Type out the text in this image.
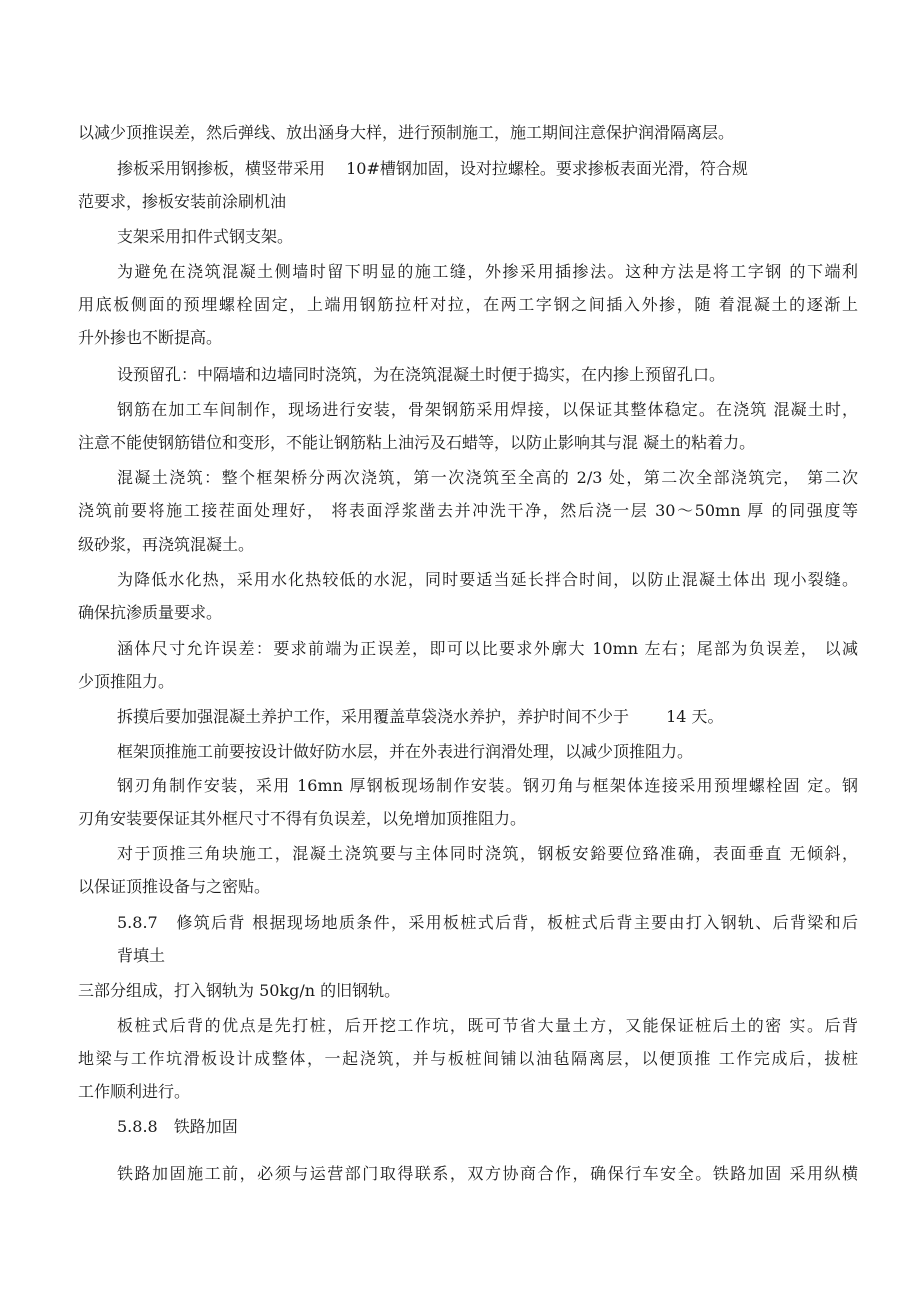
以减少顶推误差，然后弹线、放出涵身大样，进行预制施工，施工期间注意保护润滑隔离层。
掺板采用钢掺板，横竖带采用　 10#槽钢加固，设对拉螺栓。要求掺板表面光滑，符合规
范要求，掺板安装前涂刷机油
支架采用扣件式钢支架。
为避免在浇筑混凝土侧墙时留下明显的施工缝，外掺采用插掺法。这种方法是将工字钢 的下端利
用底板侧面的预埋螺栓固定，上端用钢筋拉杆对拉，在两工字钢之间插入外掺，随 着混凝土的逐渐上
升外掺也不断提高。
设预留孔：中隔墙和边墙同时浇筑，为在浇筑混凝土时便于捣实，在内掺上预留孔口。
钢筋在加工车间制作，现场进行安装，骨架钢筋采用焊接，以保证其整体稳定。在浇筑 混凝土时，
注意不能使钢筋错位和变形，不能让钢筋粘上油污及石蜡等，以防止影响其与混 凝土的粘着力。
混凝土浇筑：整个框架桥分两次浇筑，第一次浇筑至全高的 2/3 处，第二次全部浇筑完， 第二次
浇筑前要将施工接茬面处理好， 将表面浮浆凿去并冲洗干净，然后浇一层 30～50mn 厚 的同强度等
级砂浆，再浇筑混凝土。
为降低水化热，采用水化热较低的水泥，同时要适当延长拌合时间，以防止混凝土体出 现小裂缝。
确保抗渗质量要求。
涵体尺寸允许误差：要求前端为正误差，即可以比要求外廓大 10mn 左右；尾部为负误差， 以减
少顶推阻力。
拆摸后要加强混凝土养护工作，采用覆盖草袋浇水养护，养护时间不少于　　 14 天。
框架顶推施工前要按设计做好防水层，并在外表进行润滑处理，以减少顶推阻力。
钢刃角制作安装，采用 16mn 厚钢板现场制作安装。钢刃角与框架体连接采用预埋螺栓固 定。钢
刃角安装要保证其外框尺寸不得有负误差，以免增加顶推阻力。
对于顶推三角块施工，混凝土浇筑要与主体同时浇筑，钢板安鋊要位臵准确，表面垂直 无倾斜，
以保证顶推设备与之密贴。
5.8.7　修筑后背 根据现场地质条件，采用板桩式后背，板桩式后背主要由打入钢轨、后背梁和后
背填土
三部分组成，打入钢轨为 50kg/n 的旧钢轨。
板桩式后背的优点是先打桩，后开挖工作坑，既可节省大量土方，又能保证桩后土的密 实。后背
地梁与工作坑滑板设计成整体，一起浇筑，并与板桩间铺以油毡隔离层，以便顶推 工作完成后，拔桩
工作顺利进行。
5.8.8　铁路加固
铁路加固施工前，必须与运营部门取得联系，双方协商合作，确保行车安全。铁路加固 采用纵横
